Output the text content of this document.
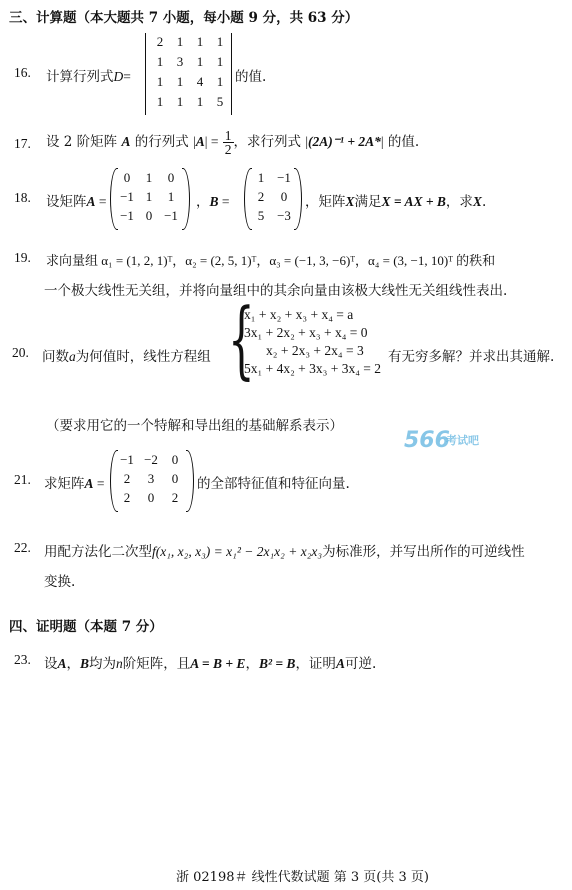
三、计算题（本大题共 7 小题，每小题 9 分，共 63 分）
16. 计算行列式D=
2	1	1	1
1	3	1	1
1	1	4	1
1	1	1	5
的值.
17. 设 2 阶矩阵 A 的行列式 $|A| = \frac{1}{2}$ ，求行列式 |(2A)⁻¹ + 2A*| 的值.
18. 设矩阵A =
0	1	0
−1 1	1
−1 0 −1
，B =
1 −1
2	0
5 −3
，矩阵X满足X = AX + B，求X.
19. 求向量组 α₁ = (1, 2, 1)ᵀ，α₂ = (2, 5, 1)ᵀ，α₃ = (−1, 3, −6)ᵀ，α₄ = (3, −1, 10)ᵀ 的秩和
一个极大线性无关组，并将向量组中的其余向量由该极大线性无关组线性表出.
20. 问数a为何值时，线性方程组 {
x₁ + x₂ + x₃ + x₄ = a
3x₁ + 2x₂ + x₃ + x₄ = 0
x₂ + 2x₃ + 2x₄ = 3
5x₁ + 4x₂ + 3x₃ + 3x₄ = 2
有无穷多解？并求出其通解.
（要求用它的一个特解和导出组的基础解系表示）
566
考试吧
21. 求矩阵A =
−1 −2	0
2	3	0
2	0	2
的全部特征值和特征向量.
22. 用配方法化二次型f(x₁, x₂, x₃) = x₁² − 2x₁x₂ + x₂x₃为标准形，并写出所作的可逆线性
变换.
四、证明题（本题 7 分）
23. 设A，B均为n阶矩阵，且A = B + E，B² = B，证明A可逆.
浙 02198＃ 线性代数试题 第 3 页(共 3 页)
